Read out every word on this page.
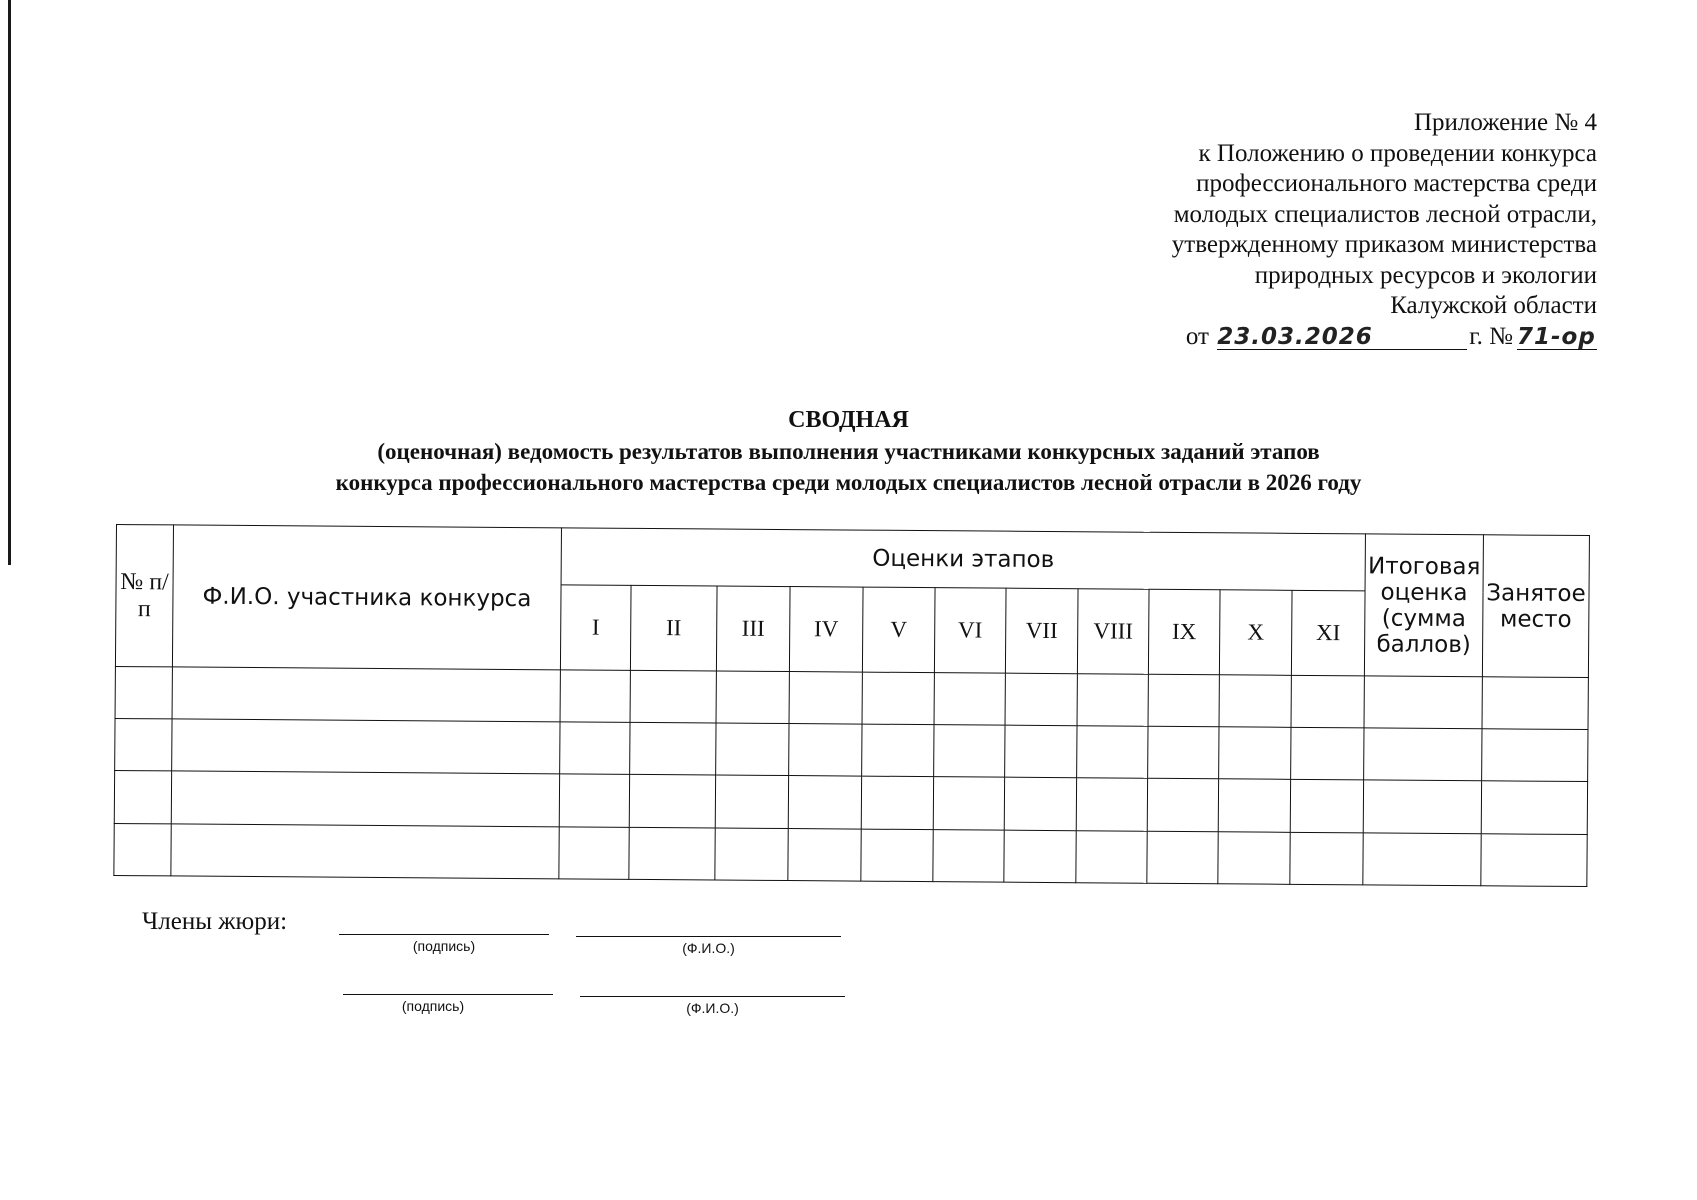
Приложение № 4
к Положению о проведении конкурса
профессионального мастерства среди
молодых специалистов лесной отрасли,
утвержденному приказом министерства
природных ресурсов и экологии
Калужской области
от 23.03.2026	г. № 71-ор
СВОДНАЯ
(оценочная) ведомость результатов выполнения участниками конкурсных заданий этапов
конкурса профессионального мастерства среди молодых специалистов лесной отрасли в 2026 году
№ п/п	Ф.И.О. участника конкурса	Оценки этапов											Итоговая оценка (сумма баллов)	Занятое место
		I	II	III	IV	V	VI	VII	VIII	IX	X	XI		

Члены жюри:
(подпись)	(Ф.И.О.)
(подпись)	(Ф.И.О.)
